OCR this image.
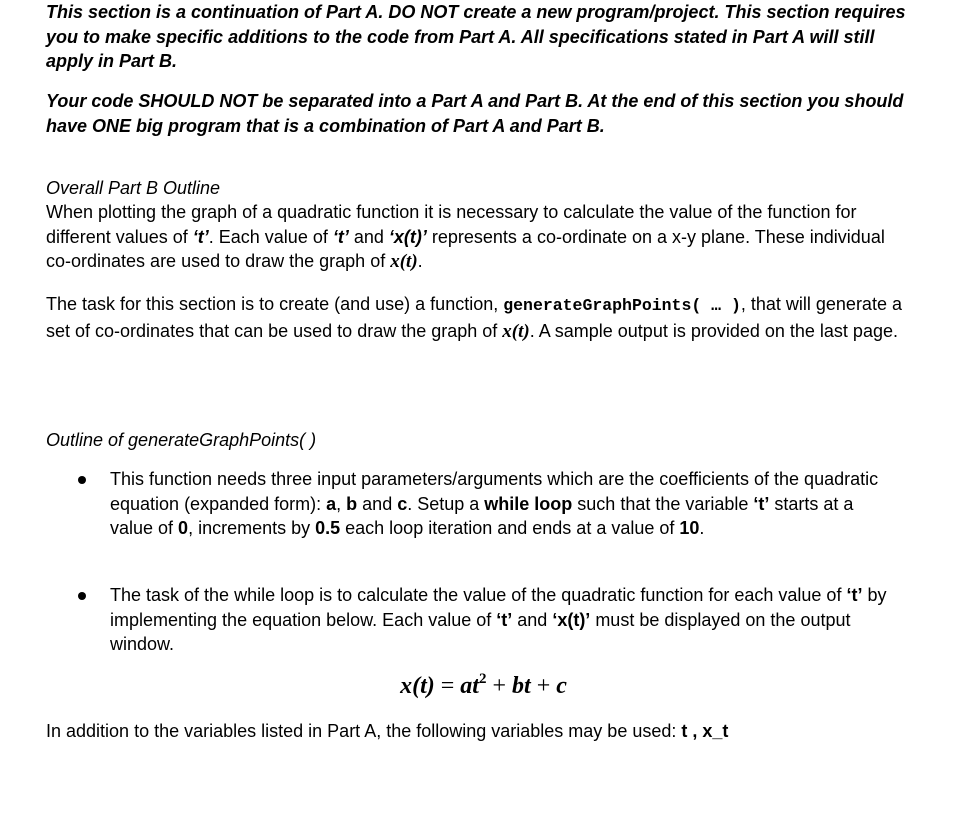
This section is a continuation of Part A. DO NOT create a new program/project. This section requires you to make specific additions to the code from Part A. All specifications stated in Part A will still apply in Part B.

Your code SHOULD NOT be separated into a Part A and Part B. At the end of this section you should have ONE big program that is a combination of Part A and Part B.

Overall Part B Outline

When plotting the graph of a quadratic function it is necessary to calculate the value of the function for different values of ‘t’. Each value of ‘t’ and ‘x(t)’ represents a co-ordinate on a x-y plane. These individual co-ordinates are used to draw the graph of x(t).

The task for this section is to create (and use) a function, generateGraphPoints( … ), that will generate a set of co-ordinates that can be used to draw the graph of x(t). A sample output is provided on the last page.

Outline of generateGraphPoints( )

This function needs three input parameters/arguments which are the coefficients of the quadratic equation (expanded form): a, b and c. Setup a while loop such that the variable ‘t’ starts at a value of 0, increments by 0.5 each loop iteration and ends at a value of 10.

The task of the while loop is to calculate the value of the quadratic function for each value of ‘t’ by implementing the equation below. Each value of ‘t’ and ‘x(t)’ must be displayed on the output window.

$x(t) = at^2$ + bt + c

In addition to the variables listed in Part A, the following variables may be used: t , x_t
